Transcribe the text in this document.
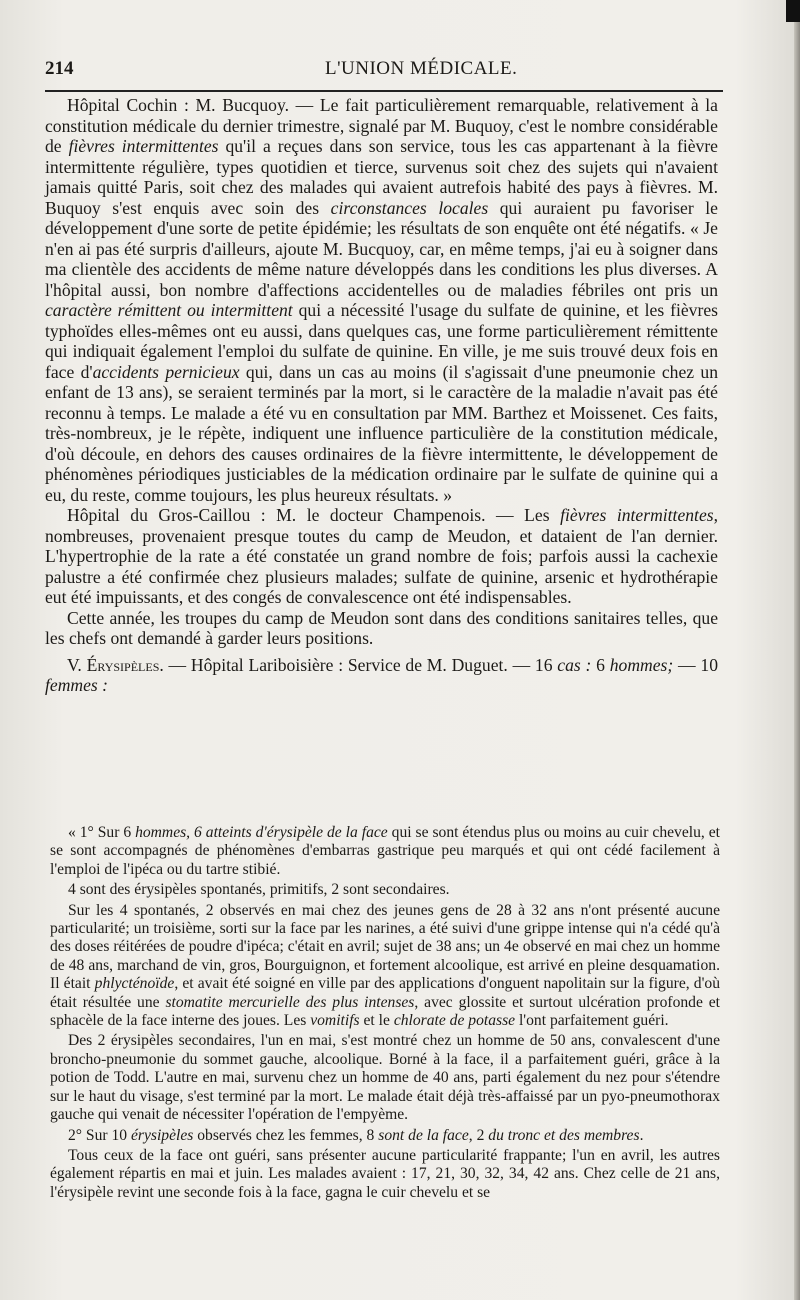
214	L'UNION MÉDICALE.

Hôpital Cochin : M. Bucquoy. — Le fait particulièrement remarquable, relativement à la constitution médicale du dernier trimestre, signalé par M. Buquoy, c'est le nombre considérable de fièvres intermittentes qu'il a reçues dans son service, tous les cas appartenant à la fièvre intermittente régulière, types quotidien et tierce, survenus soit chez des sujets qui n'avaient jamais quitté Paris, soit chez des malades qui avaient autrefois habité des pays à fièvres. M. Buquoy s'est enquis avec soin des circonstances locales qui auraient pu favoriser le développement d'une sorte de petite épidémie; les résultats de son enquête ont été négatifs. « Je n'en ai pas été surpris d'ailleurs, ajoute M. Bucquoy, car, en même temps, j'ai eu à soigner dans ma clientèle des accidents de même nature développés dans les conditions les plus diverses. A l'hôpital aussi, bon nombre d'affections accidentelles ou de maladies fébriles ont pris un caractère rémittent ou intermittent qui a nécessité l'usage du sulfate de quinine, et les fièvres typhoïdes elles-mêmes ont eu aussi, dans quelques cas, une forme particulièrement rémittente qui indiquait également l'emploi du sulfate de quinine. En ville, je me suis trouvé deux fois en face d'accidents pernicieux qui, dans un cas au moins (il s'agissait d'une pneumonie chez un enfant de 13 ans), se seraient terminés par la mort, si le caractère de la maladie n'avait pas été reconnu à temps. Le malade a été vu en consultation par MM. Barthez et Moissenet. Ces faits, très-nombreux, je le répète, indiquent une influence particulière de la constitution médicale, d'où découle, en dehors des causes ordinaires de la fièvre intermittente, le développement de phénomènes périodiques justiciables de la médication ordinaire par le sulfate de quinine qui a eu, du reste, comme toujours, les plus heureux résultats. »

Hôpital du Gros-Caillou : M. le docteur Champenois. — Les fièvres intermittentes, nombreuses, provenaient presque toutes du camp de Meudon, et dataient de l'an dernier. L'hypertrophie de la rate a été constatée un grand nombre de fois; parfois aussi la cachexie palustre a été confirmée chez plusieurs malades; sulfate de quinine, arsenic et hydrothérapie eut été impuissants, et des congés de convalescence ont été indispensables.

Cette année, les troupes du camp de Meudon sont dans des conditions sanitaires telles, que les chefs ont demandé à garder leurs positions.

V. Érysipèles. — Hôpital Lariboisière : Service de M. Duguet. — 16 cas : 6 hommes; — 10 femmes :

« 1° Sur 6 hommes, 6 atteints d'érysipèle de la face qui se sont étendus plus ou moins au cuir chevelu, et se sont accompagnés de phénomènes d'embarras gastrique peu marqués et qui ont cédé facilement à l'emploi de l'ipéca ou du tartre stibié.

4 sont des érysipèles spontanés, primitifs, 2 sont secondaires.

Sur les 4 spontanés, 2 observés en mai chez des jeunes gens de 28 à 32 ans n'ont présenté aucune particularité; un troisième, sorti sur la face par les narines, a été suivi d'une grippe intense qui n'a cédé qu'à des doses réitérées de poudre d'ipéca; c'était en avril; sujet de 38 ans; un 4e observé en mai chez un homme de 48 ans, marchand de vin, gros, Bourguignon, et fortement alcoolique, est arrivé en pleine desquamation. Il était phlycténoïde, et avait été soigné en ville par des applications d'onguent napolitain sur la figure, d'où était résultée une stomatite mercurielle des plus intenses, avec glossite et surtout ulcération profonde et sphacèle de la face interne des joues. Les vomitifs et le chlorate de potasse l'ont parfaitement guéri.

Des 2 érysipèles secondaires, l'un en mai, s'est montré chez un homme de 50 ans, convalescent d'une broncho-pneumonie du sommet gauche, alcoolique. Borné à la face, il a parfaitement guéri, grâce à la potion de Todd. L'autre en mai, survenu chez un homme de 40 ans, parti également du nez pour s'étendre sur le haut du visage, s'est terminé par la mort. Le malade était déjà très-affaissé par un pyo-pneumothorax gauche qui venait de nécessiter l'opération de l'empyème.

2° Sur 10 érysipèles observés chez les femmes, 8 sont de la face, 2 du tronc et des membres.

Tous ceux de la face ont guéri, sans présenter aucune particularité frappante; l'un en avril, les autres également répartis en mai et juin. Les malades avaient : 17, 21, 30, 32, 34, 42 ans. Chez celle de 21 ans, l'érysipèle revint une seconde fois à la face, gagna le cuir chevelu et se
